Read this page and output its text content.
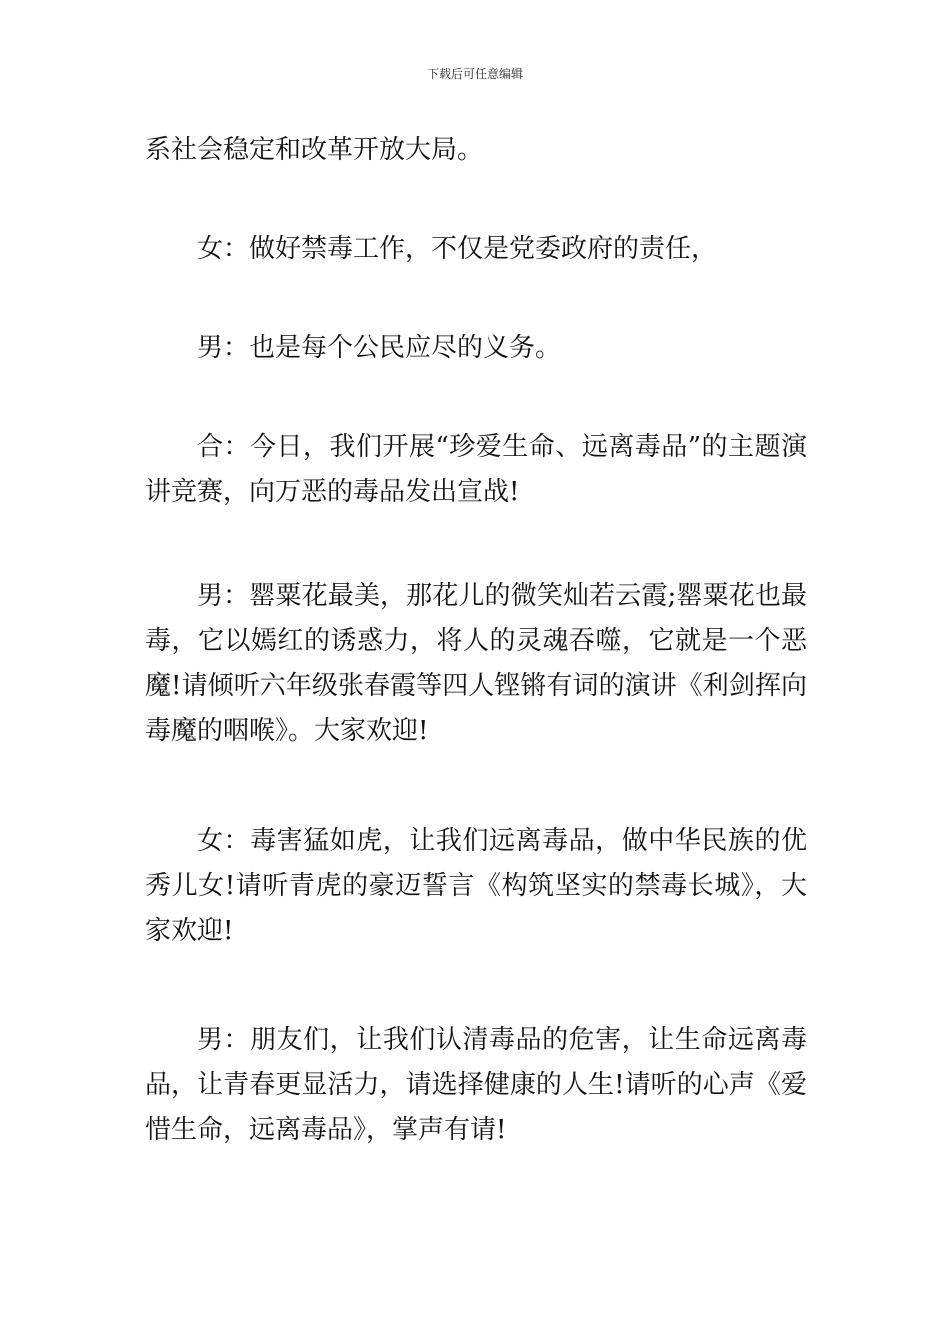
下载后可任意编辑

系社会稳定和改革开放大局。

女：做好禁毒工作，不仅是党委政府的责任，

男：也是每个公民应尽的义务。

合：今日，我们开展“珍爱生命、远离毒品”的主题演讲竞赛，向万恶的毒品发出宣战!

男：罂粟花最美，那花儿的微笑灿若云霞;罂粟花也最毒，它以嫣红的诱惑力，将人的灵魂吞噬，它就是一个恶魔!请倾听六年级张春霞等四人铿锵有词的演讲《利剑挥向毒魔的咽喉》。大家欢迎!

女：毒害猛如虎，让我们远离毒品，做中华民族的优秀儿女!请听青虎的豪迈誓言《构筑坚实的禁毒长城》，大家欢迎!

男：朋友们，让我们认清毒品的危害，让生命远离毒品，让青春更显活力，请选择健康的人生!请听的心声《爱惜生命，远离毒品》，掌声有请!
